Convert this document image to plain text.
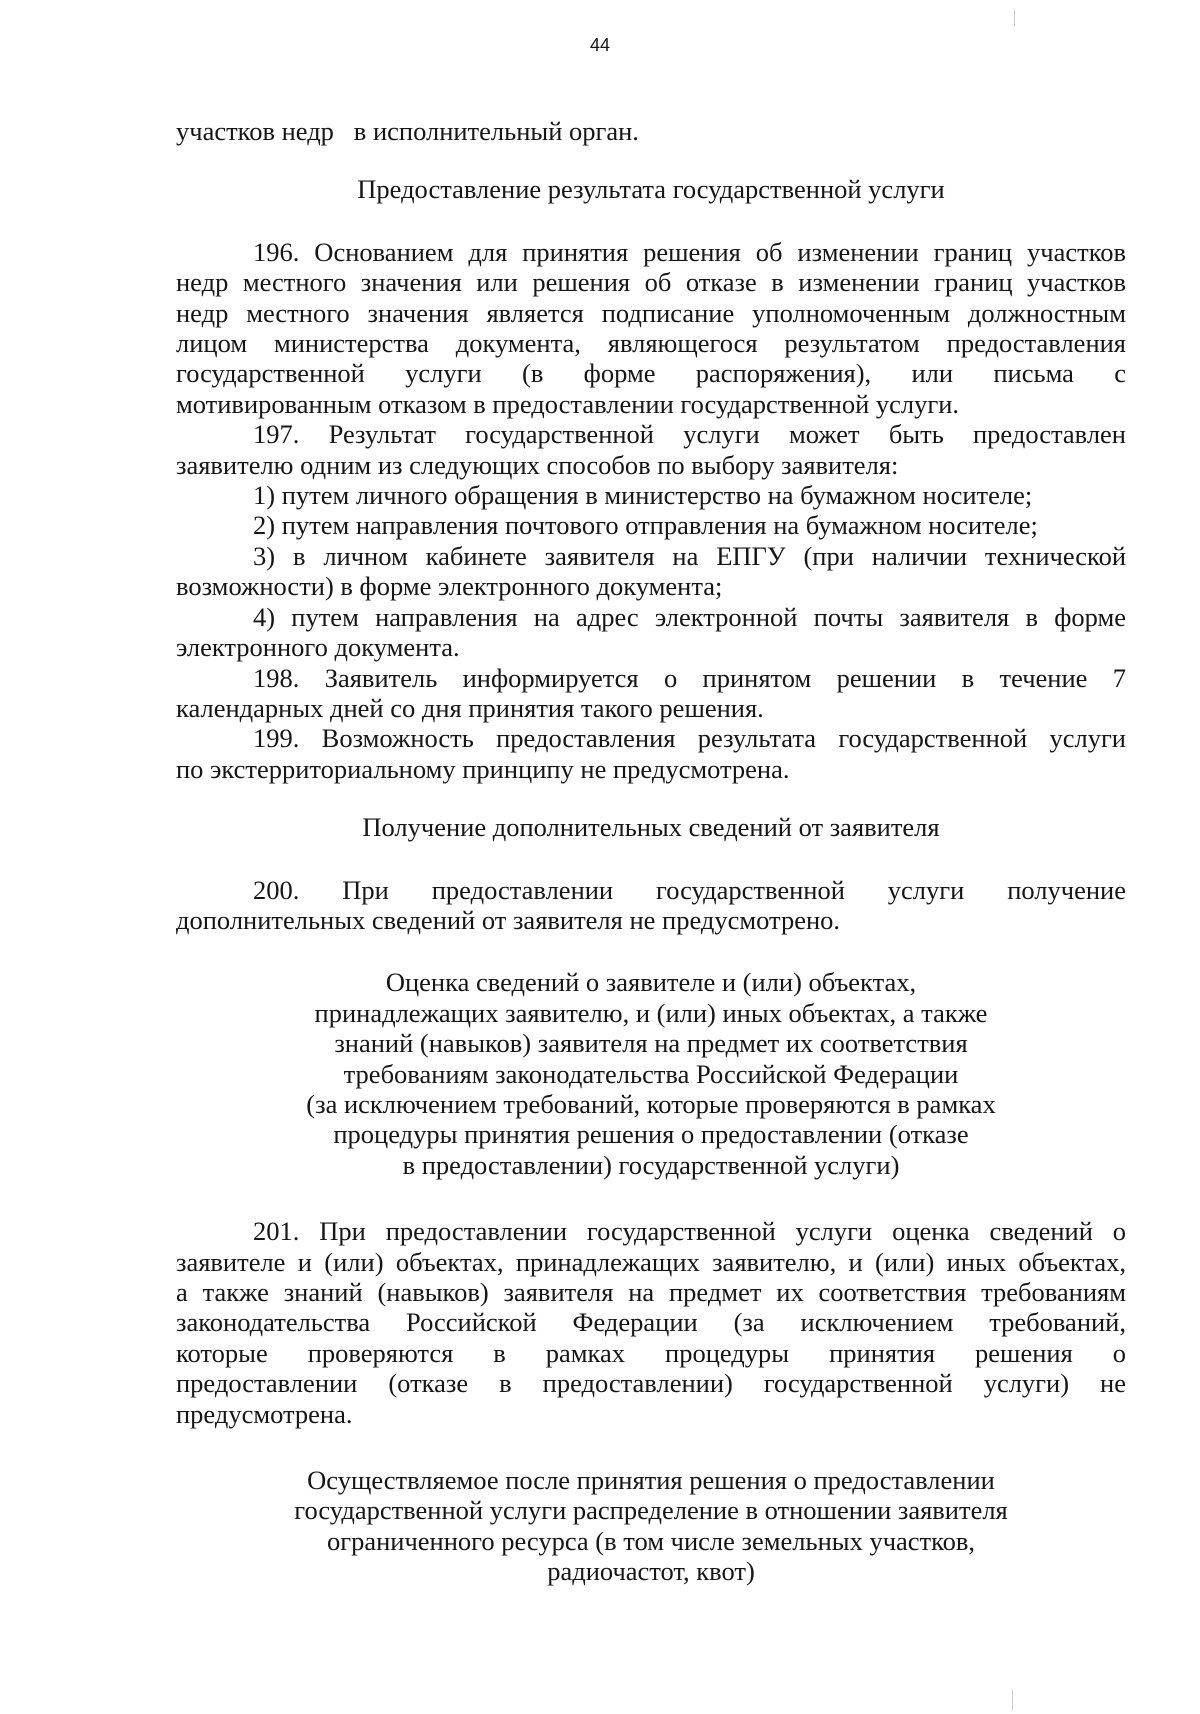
44

участков недр   в исполнительный орган.

Предоставление результата государственной услуги

196. Основанием для принятия решения об изменении границ участков
недр местного значения или решения об отказе в изменении границ участков
недр местного значения является подписание уполномоченным должностным
лицом министерства документа, являющегося результатом предоставления
государственной услуги (в форме распоряжения), или письма с
мотивированным отказом в предоставлении государственной услуги.
197. Результат государственной услуги может быть предоставлен
заявителю одним из следующих способов по выбору заявителя:
1) путем личного обращения в министерство на бумажном носителе;
2) путем направления почтового отправления на бумажном носителе;
3) в личном кабинете заявителя на ЕПГУ (при наличии технической
возможности) в форме электронного документа;
4) путем направления на адрес электронной почты заявителя в форме
электронного документа.
198. Заявитель информируется о принятом решении в течение 7
календарных дней со дня принятия такого решения.
199. Возможность предоставления результата государственной услуги
по экстерриториальному принципу не предусмотрена.

Получение дополнительных сведений от заявителя

200. При предоставлении государственной услуги получение
дополнительных сведений от заявителя не предусмотрено.
Оценка сведений о заявителе и (или) объектах,
принадлежащих заявителю, и (или) иных объектах, а также
знаний (навыков) заявителя на предмет их соответствия
требованиям законодательства Российской Федерации
(за исключением требований, которые проверяются в рамках
процедуры принятия решения о предоставлении (отказе
в предоставлении) государственной услуги)
201. При предоставлении государственной услуги оценка сведений о
заявителе и (или) объектах, принадлежащих заявителю, и (или) иных объектах,
а также знаний (навыков) заявителя на предмет их соответствия требованиям
законодательства Российской Федерации (за исключением требований,
которые проверяются в рамках процедуры принятия решения о
предоставлении (отказе в предоставлении) государственной услуги) не
предусмотрена.
Осуществляемое после принятия решения о предоставлении
государственной услуги распределение в отношении заявителя
ограниченного ресурса (в том числе земельных участков,
радиочастот, квот)
